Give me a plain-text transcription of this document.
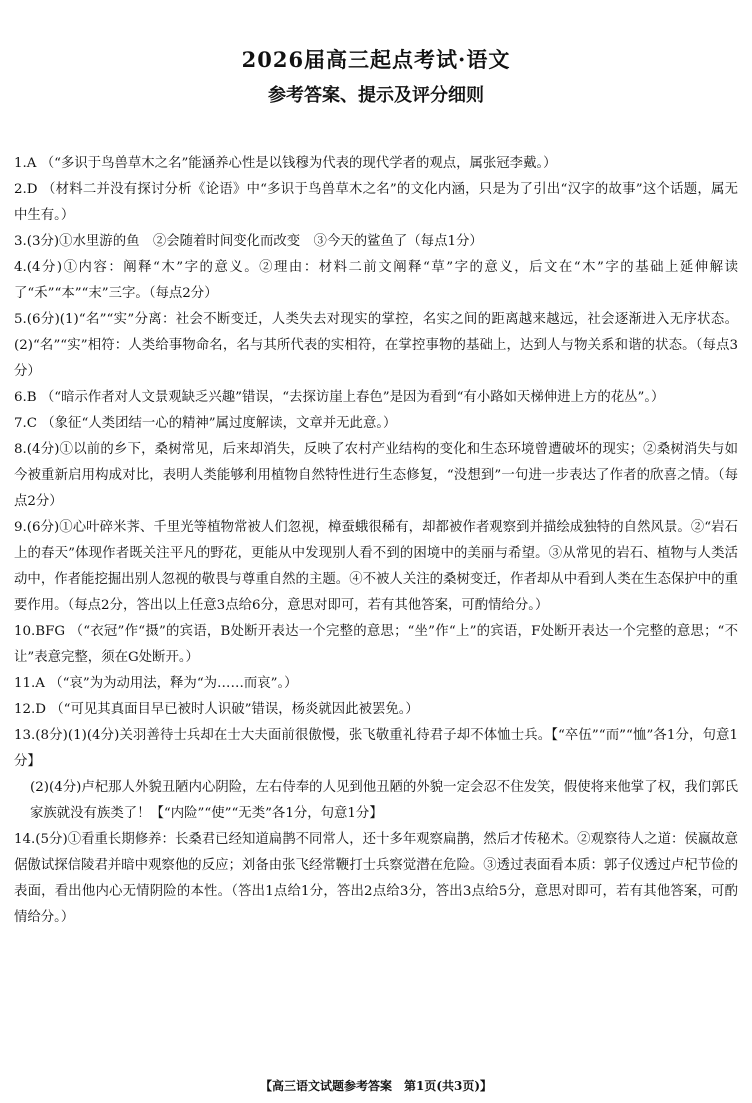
2026届高三起点考试·语文
参考答案、提示及评分细则

1.A （“多识于鸟兽草木之名”能涵养心性是以钱穆为代表的现代学者的观点，属张冠李戴。）

2.D （材料二并没有探讨分析《论语》中“多识于鸟兽草木之名”的文化内涵，只是为了引出“汉字的故事”这个话题，属无中生有。）

3.(3分)①水里游的鱼　②会随着时间变化而改变　③今天的鲨鱼了（每点1分）

4.(4分)①内容：阐释“木”字的意义。②理由：材料二前文阐释“草”字的意义，后文在“木”字的基础上延伸解读了“禾”“本”“末”三字。（每点2分）

5.(6分)(1)“名”“实”分离：社会不断变迁，人类失去对现实的掌控，名实之间的距离越来越远，社会逐渐进入无序状态。(2)“名”“实”相符：人类给事物命名，名与其所代表的实相符，在掌控事物的基础上，达到人与物关系和谐的状态。（每点3分）

6.B （“暗示作者对人文景观缺乏兴趣”错误，“去探访崖上春色”是因为看到“有小路如天梯伸进上方的花丛”。）

7.C （象征“人类团结一心的精神”属过度解读，文章并无此意。）

8.(4分)①以前的乡下，桑树常见，后来却消失，反映了农村产业结构的变化和生态环境曾遭破坏的现实；②桑树消失与如今被重新启用构成对比，表明人类能够利用植物自然特性进行生态修复，“没想到”一句进一步表达了作者的欣喜之情。（每点2分）

9.(6分)①心叶碎米荠、千里光等植物常被人们忽视，樟蚕蛾很稀有，却都被作者观察到并描绘成独特的自然风景。②“岩石上的春天”体现作者既关注平凡的野花，更能从中发现别人看不到的困境中的美丽与希望。③从常见的岩石、植物与人类活动中，作者能挖掘出别人忽视的敬畏与尊重自然的主题。④不被人关注的桑树变迁，作者却从中看到人类在生态保护中的重要作用。（每点2分，答出以上任意3点给6分，意思对即可，若有其他答案，可酌情给分。）

10.BFG （“衣冠”作“摄”的宾语，B处断开表达一个完整的意思；“坐”作“上”的宾语，F处断开表达一个完整的意思；“不让”表意完整，须在G处断开。）

11.A （“哀”为为动用法，释为“为……而哀”。）

12.D （“可见其真面目早已被时人识破”错误，杨炎就因此被罢免。）

13.(8分)(1)(4分)关羽善待士兵却在士大夫面前很傲慢，张飞敬重礼待君子却不体恤士兵。【“卒伍”“而”“恤”各1分，句意1分】

(2)(4分)卢杞那人外貌丑陋内心阴险，左右侍奉的人见到他丑陋的外貌一定会忍不住发笑，假使将来他掌了权，我们郭氏家族就没有族类了！【“内险”“使”“无类”各1分，句意1分】

14.(5分)①看重长期修养：长桑君已经知道扁鹊不同常人，还十多年观察扁鹊，然后才传秘术。②观察待人之道：侯嬴故意倨傲试探信陵君并暗中观察他的反应；刘备由张飞经常鞭打士兵察觉潜在危险。③透过表面看本质：郭子仪透过卢杞节俭的表面，看出他内心无情阴险的本性。（答出1点给1分，答出2点给3分，答出3点给5分，意思对即可，若有其他答案，可酌情给分。）

【高三语文试题参考答案　第1页(共3页)】
